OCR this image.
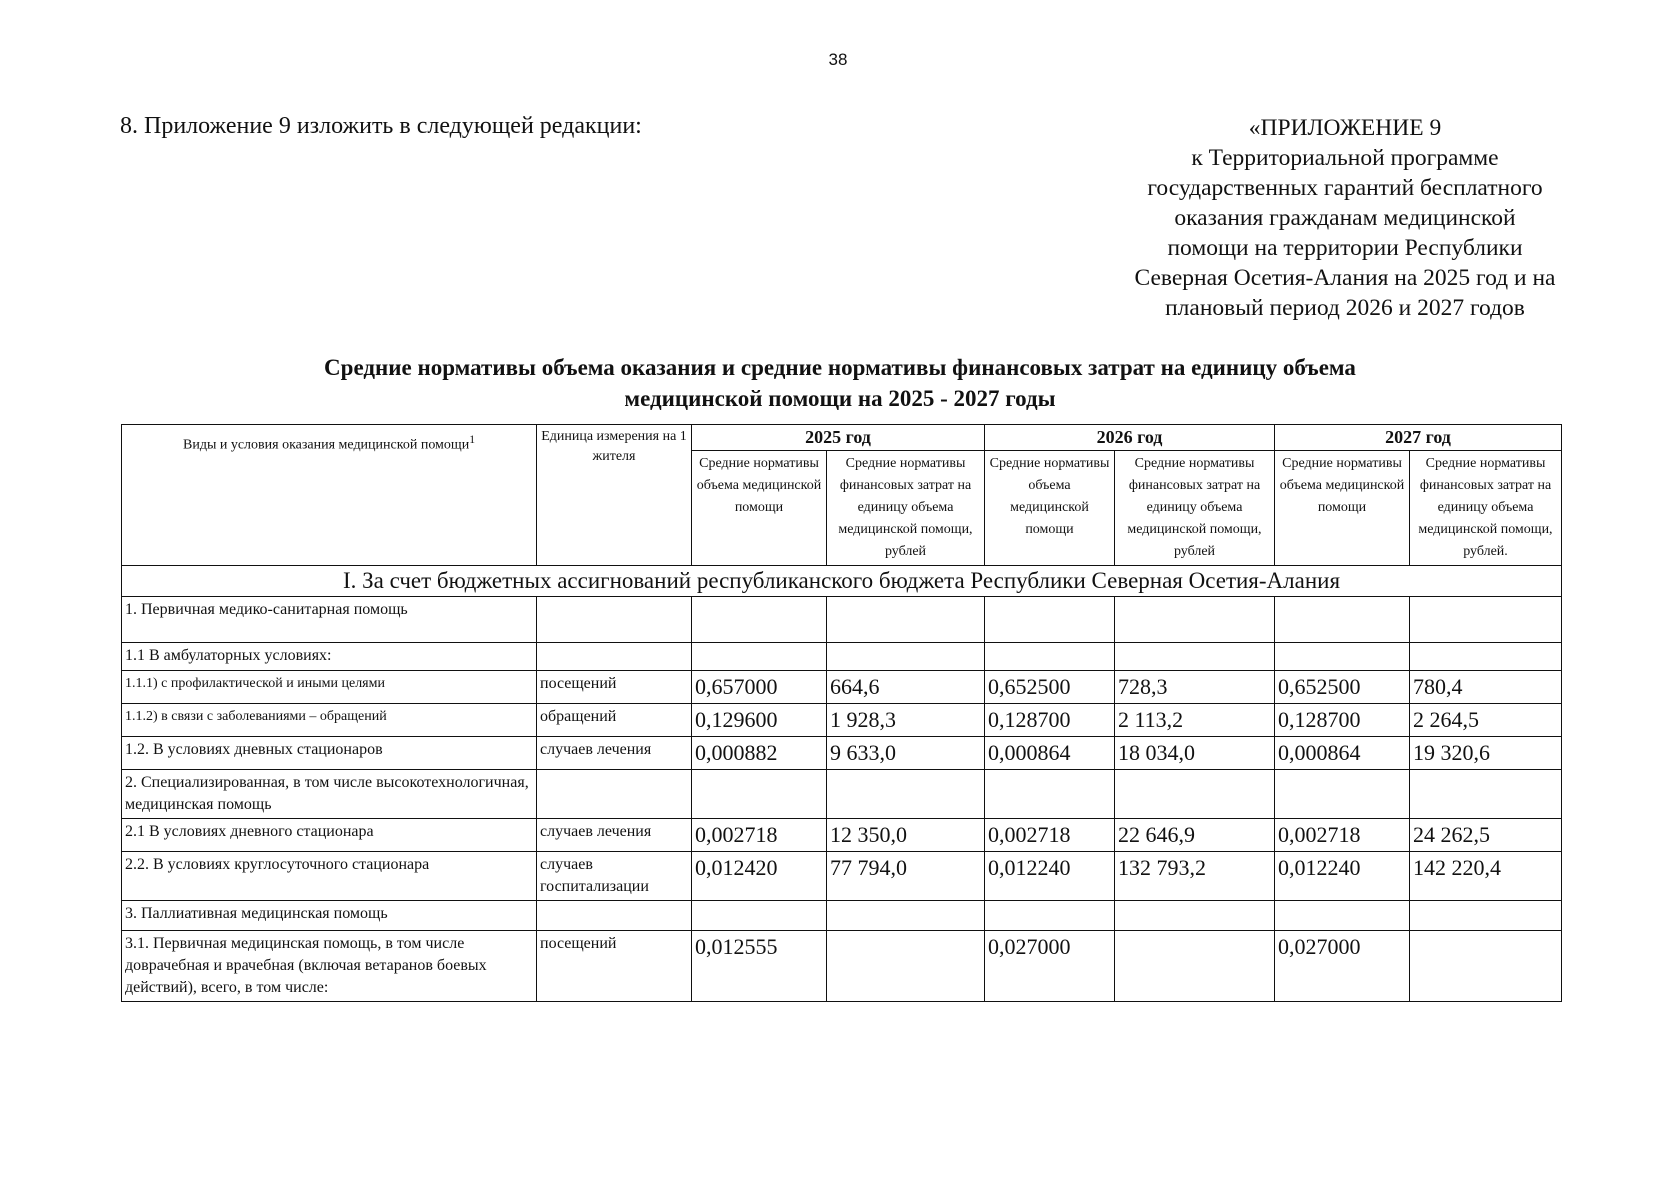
38
8. Приложение 9 изложить в следующей редакции:	«ПРИЛОЖЕНИЕ 9
к Территориальной программе
государственных гарантий бесплатного
оказания гражданам медицинской
помощи на территории Республики
Северная Осетия-Алания на 2025 год и на
плановый период 2026 и 2027 годов
Средние нормативы объема оказания и средние нормативы финансовых затрат на единицу объема
медицинской помощи на 2025 - 2027 годы
Виды и условия оказания медицинской помощи$^1$	Единица измерения на 1 жителя	2025 год		2026 год		2027 год	
		Средние нормативы объема медицинской помощи	Средние нормативы финансовых затрат на единицу объема медицинской помощи, рублей	Средние нормативы объема медицинской помощи	Средние нормативы финансовых затрат на единицу объема медицинской помощи, рублей	Средние нормативы объема медицинской помощи	Средние нормативы финансовых затрат на единицу объема медицинской помощи, рублей.
I. За счет бюджетных ассигнований республиканского бюджета Республики Северная Осетия-Алания							
1. Первичная медико-санитарная помощь							
1.1 В амбулаторных условиях:							
1.1.1) с профилактической и иными целями	посещений	0,657000	664,6	0,652500	728,3	0,652500	780,4
1.1.2) в связи с заболеваниями – обращений	обращений	0,129600	1 928,3	0,128700	2 113,2	0,128700	2 264,5
1.2. В условиях дневных стационаров	случаев лечения	0,000882	9 633,0	0,000864	18 034,0	0,000864	19 320,6
2. Специализированная, в том числе высокотехнологичная, медицинская помощь							
2.1 В условиях дневного стационара	случаев лечения	0,002718	12 350,0	0,002718	22 646,9	0,002718	24 262,5
2.2. В условиях круглосуточного стационара	случаев госпитализации	0,012420	77 794,0	0,012240	132 793,2	0,012240	142 220,4
3. Паллиативная медицинская помощь							
3.1. Первичная медицинская помощь, в том числе доврачебная и врачебная (включая ветаранов боевых действий), всего, в том числе:	посещений	0,012555		0,027000		0,027000	
